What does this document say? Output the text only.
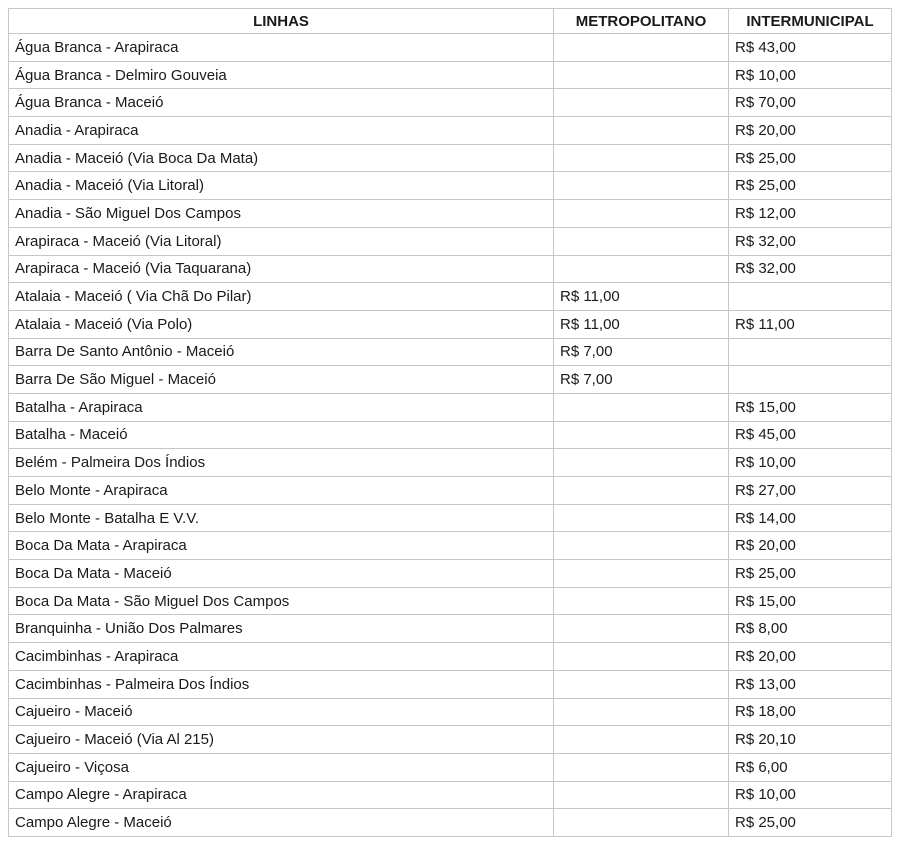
LINHAS	METROPOLITANO	INTERMUNICIPAL
Água Branca - Arapiraca		R$ 43,00
Água Branca - Delmiro Gouveia		R$ 10,00
Água Branca - Maceió		R$ 70,00
Anadia - Arapiraca		R$ 20,00
Anadia - Maceió (Via Boca Da Mata)		R$ 25,00
Anadia - Maceió (Via Litoral)		R$ 25,00
Anadia - São Miguel Dos Campos		R$ 12,00
Arapiraca - Maceió (Via Litoral)		R$ 32,00
Arapiraca - Maceió (Via Taquarana)		R$ 32,00
Atalaia - Maceió ( Via Chã Do Pilar)	R$ 11,00	
Atalaia - Maceió (Via Polo)	R$ 11,00	R$ 11,00
Barra De Santo Antônio - Maceió	R$ 7,00	
Barra De São Miguel - Maceió	R$ 7,00	
Batalha - Arapiraca		R$ 15,00
Batalha - Maceió		R$ 45,00
Belém - Palmeira Dos Índios		R$ 10,00
Belo Monte - Arapiraca		R$ 27,00
Belo Monte - Batalha E V.V.		R$ 14,00
Boca Da Mata - Arapiraca		R$ 20,00
Boca Da Mata - Maceió		R$ 25,00
Boca Da Mata - São Miguel Dos Campos		R$ 15,00
Branquinha - União Dos Palmares		R$ 8,00
Cacimbinhas - Arapiraca		R$ 20,00
Cacimbinhas - Palmeira Dos Índios		R$ 13,00
Cajueiro - Maceió		R$ 18,00
Cajueiro - Maceió (Via Al 215)		R$ 20,10
Cajueiro - Viçosa		R$ 6,00
Campo Alegre - Arapiraca		R$ 10,00
Campo Alegre - Maceió		R$ 25,00
